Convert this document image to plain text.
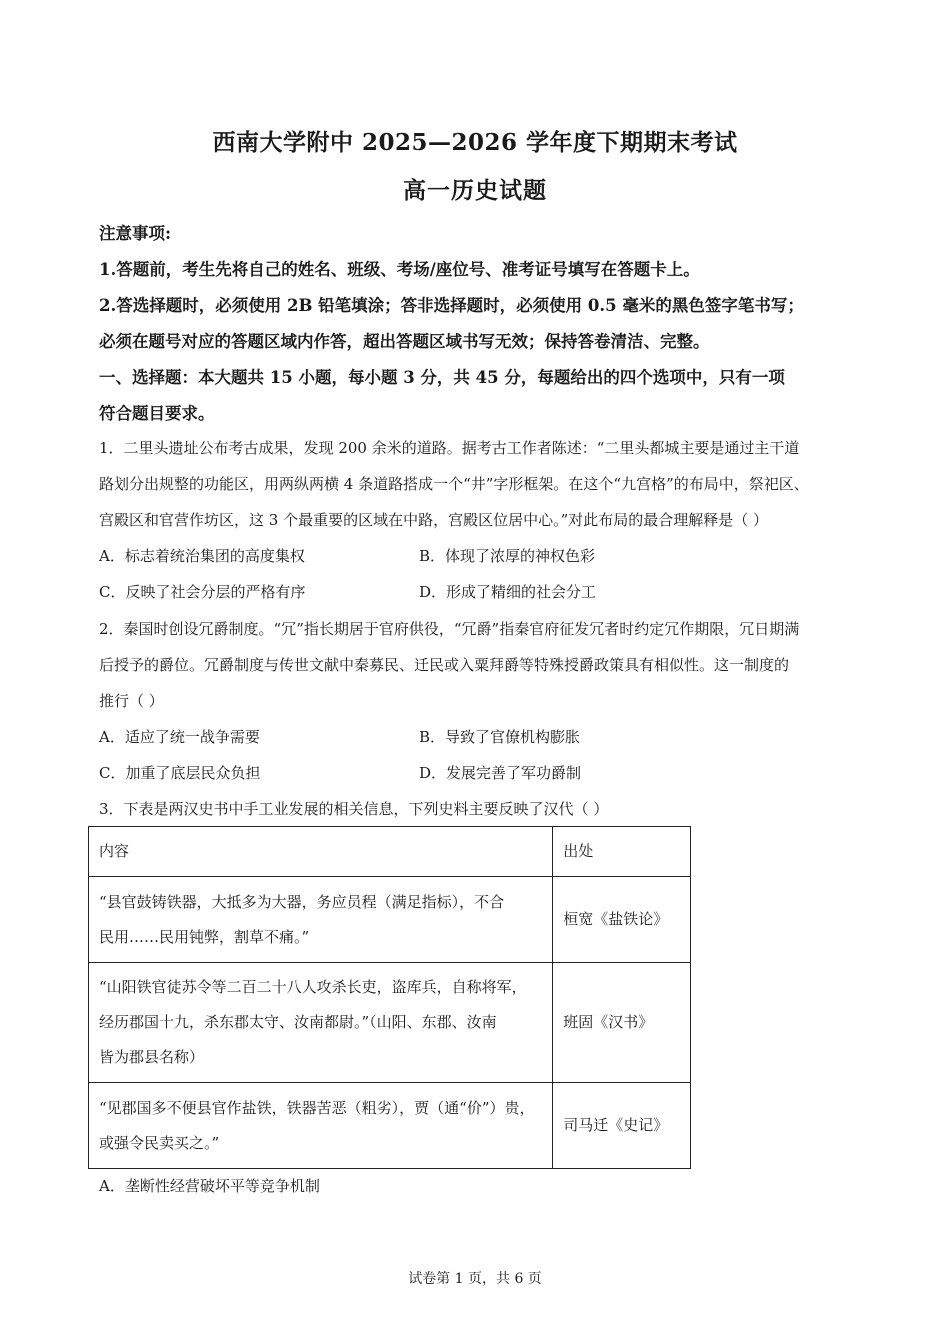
西南大学附中 2025—2026 学年度下期期末考试
高一历史试题
注意事项:
1.答题前，考生先将自己的姓名、班级、考场/座位号、准考证号填写在答题卡上。
2.答选择题时，必须使用 2B 铅笔填涂；答非选择题时，必须使用 0.5 毫米的黑色签字笔书写；
必须在题号对应的答题区域内作答，超出答题区域书写无效；保持答卷清洁、完整。
一、选择题：本大题共 15 小题，每小题 3 分，共 45 分，每题给出的四个选项中，只有一项
符合题目要求。
1．二里头遗址公布考古成果，发现 200 余米的道路。据考古工作者陈述：“二里头都城主要是通过主干道
路划分出规整的功能区，用两纵两横 4 条道路搭成一个“井”字形框架。在这个“九宫格”的布局中，祭祀区、
宫殿区和官营作坊区，这 3 个最重要的区域在中路，宫殿区位居中心。”对此布局的最合理解释是（ ）
A．标志着统治集团的高度集权	B．体现了浓厚的神权色彩
C．反映了社会分层的严格有序	D．形成了精细的社会分工
2．秦国时创设冗爵制度。“冗”指长期居于官府供役，“冗爵”指秦官府征发冗者时约定冗作期限，冗日期满
后授予的爵位。冗爵制度与传世文献中秦募民、迁民或入粟拜爵等特殊授爵政策具有相似性。这一制度的
推行（ ）
A．适应了统一战争需要	B．导致了官僚机构膨胀
C．加重了底层民众负担	D．发展完善了军功爵制
3．下表是两汉史书中手工业发展的相关信息，下列史料主要反映了汉代（ ）
内容	出处

“县官鼓铸铁器，大抵多为大器，务应员程（满足指标），不合
民用……民用钝弊，割草不痛。”	桓宽《盐铁论》

“山阳铁官徒苏令等二百二十八人攻杀长吏，盗库兵，自称将军，
经历郡国十九，杀东郡太守、汝南都尉。”（山阳、东郡、汝南
皆为郡县名称）	班固《汉书》

“见郡国多不便县官作盐铁，铁器苦恶（粗劣），贾（通“价”）贵，
或强令民卖买之。”	司马迁《史记》
A．垄断性经营破坏平等竞争机制
试卷第 1 页，共 6 页
